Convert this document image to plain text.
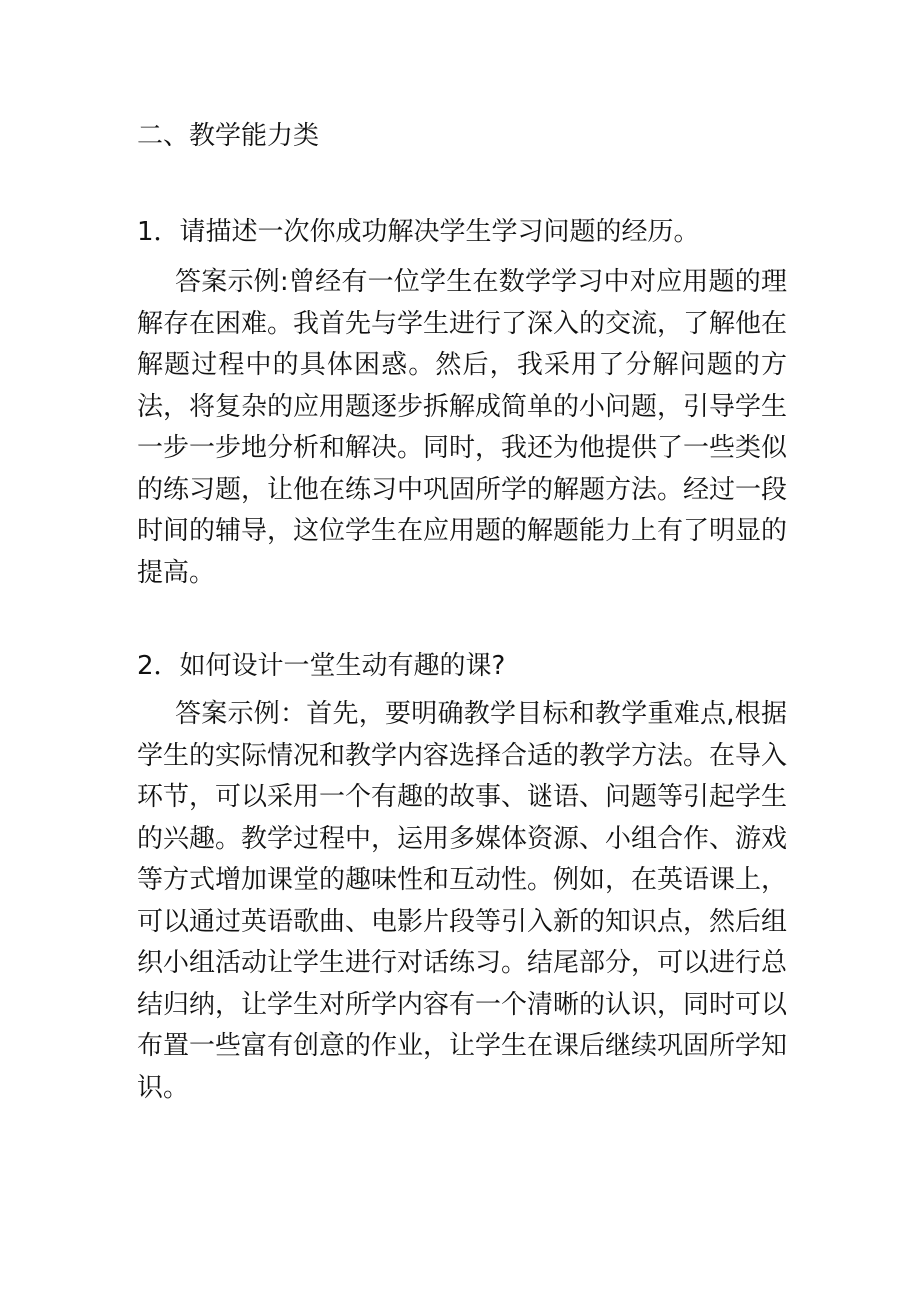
二、教学能力类
1．请描述一次你成功解决学生学习问题的经历。
答案示例:曾经有一位学生在数学学习中对应用题的理解存在困难。我首先与学生进行了深入的交流，了解他在解题过程中的具体困惑。然后，我采用了分解问题的方法，将复杂的应用题逐步拆解成简单的小问题，引导学生一步一步地分析和解决。同时，我还为他提供了一些类似的练习题，让他在练习中巩固所学的解题方法。经过一段时间的辅导，这位学生在应用题的解题能力上有了明显的提高。
2．如何设计一堂生动有趣的课?
答案示例：首先，要明确教学目标和教学重难点,根据学生的实际情况和教学内容选择合适的教学方法。在导入环节，可以采用一个有趣的故事、谜语、问题等引起学生的兴趣。教学过程中，运用多媒体资源、小组合作、游戏等方式增加课堂的趣味性和互动性。例如，在英语课上，可以通过英语歌曲、电影片段等引入新的知识点，然后组织小组活动让学生进行对话练习。结尾部分，可以进行总结归纳，让学生对所学内容有一个清晰的认识，同时可以布置一些富有创意的作业，让学生在课后继续巩固所学知识。
